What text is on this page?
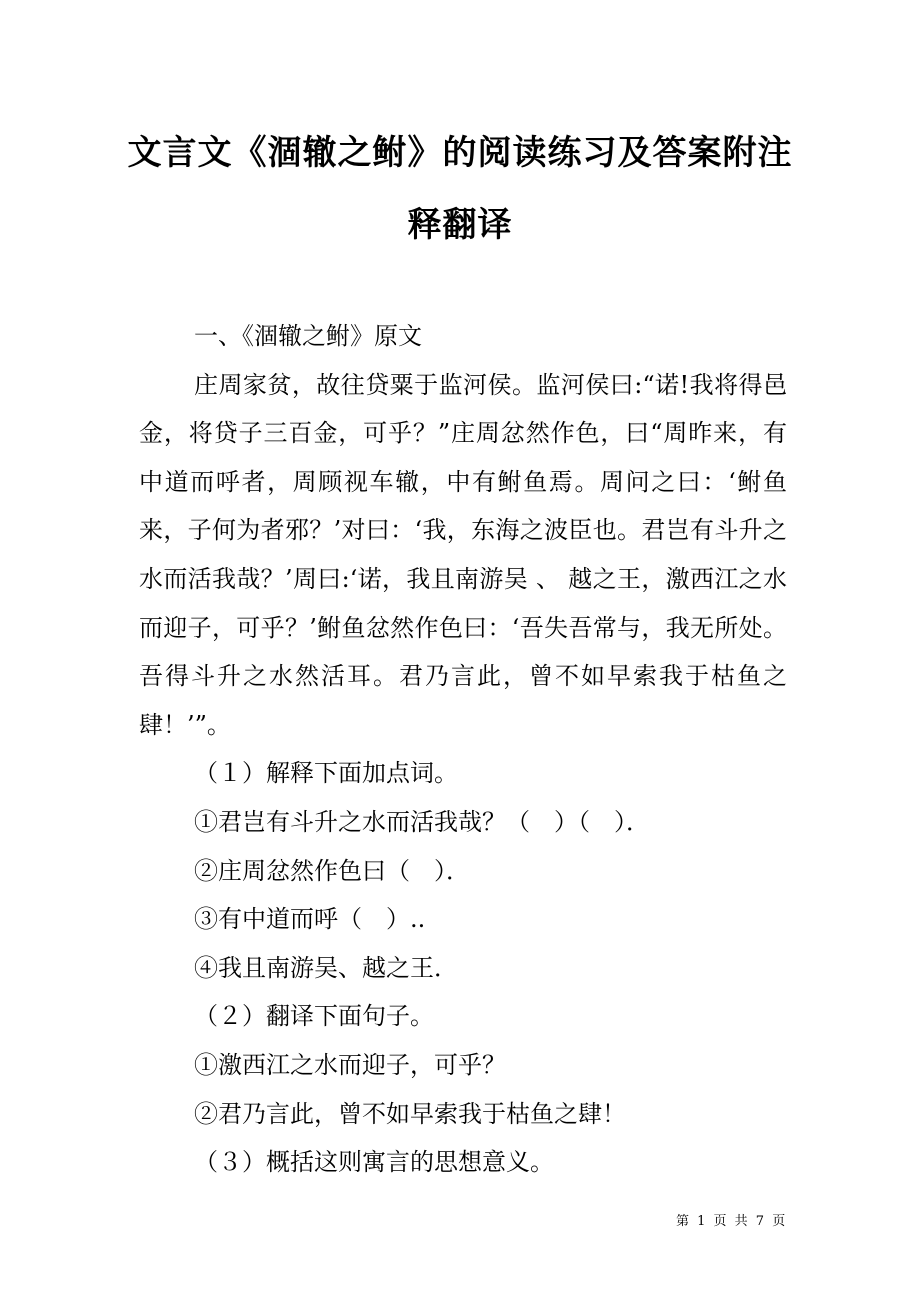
文言文《涸辙之鲋》的阅读练习及答案附注
释翻译

一、《涸辙之鲋》原文

庄周家贫，故往贷粟于监河侯。监河侯曰:“诺!我将得邑金，将贷子三百金，可乎？”庄周忿然作色，曰“周昨来，有中道而呼者，周顾视车辙，中有鲋鱼焉。周问之曰：‘鲋鱼来，子何为者邪？’对曰：‘我，东海之波臣也。君岂有斗升之水而活我哉？’周曰:‘诺，我且南游吴 、 越之王，激西江之水而迎子，可乎？’鲋鱼忿然作色曰：‘吾失吾常与，我无所处。吾得斗升之水然活耳。君乃言此，曾不如早索我于枯鱼之肆！’”。

（１）解释下面加点词。

①君岂有斗升之水而活我哉？（　）（　）．

②庄周忿然作色曰（　）．

③有中道而呼（　）..

④我且南游吴、越之王．

（２）翻译下面句子。

①激西江之水而迎子，可乎？

②君乃言此，曾不如早索我于枯鱼之肆！

（３）概括这则寓言的思想意义。

第 1 页 共 7 页
